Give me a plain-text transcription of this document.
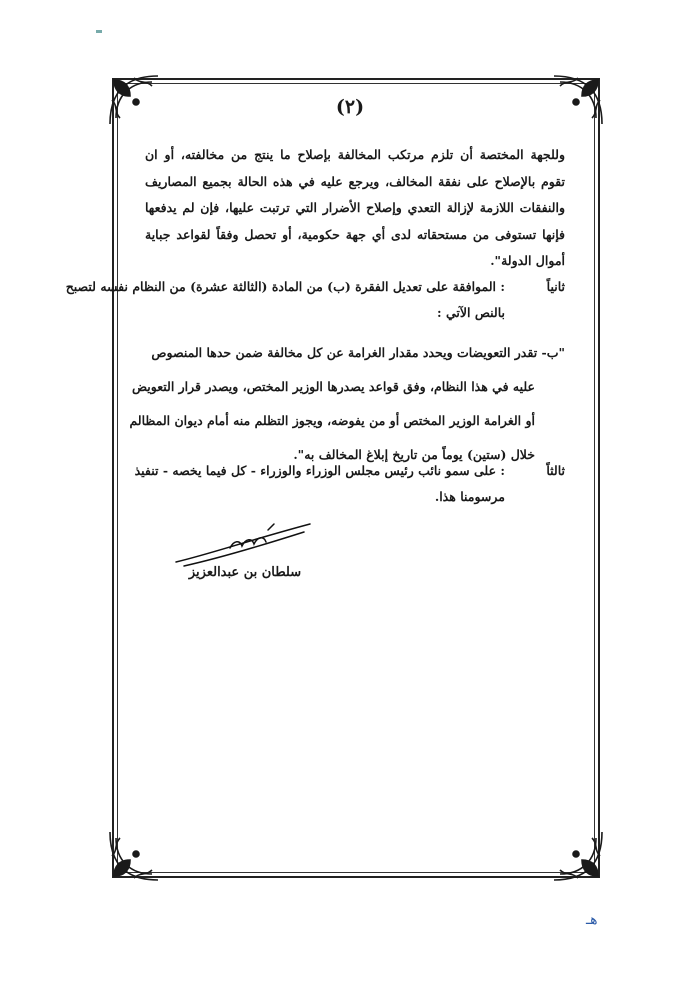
(٢)
وللجهة المختصة أن تلزم مرتكب المخالفة بإصلاح ما ينتج من مخالفته، أو ان
تقوم بالإصلاح على نفقة المخالف، ويرجع عليه في هذه الحالة بجميع المصاريف
والنفقات اللازمة لإزالة التعدي وإصلاح الأضرار التي ترتبت عليها، فإن لم يدفعها
فإنها تستوفى من مستحقاته لدى أي جهة حكومية، أو تحصل وفقاً لقواعد جباية
أموال الدولة".
ثانياً
: الموافقة على تعديل الفقرة (ب) من المادة (الثالثة عشرة) من النظام نفسه لتصبح
بالنص الآتي :
"ب- تقدر التعويضات ويحدد مقدار الغرامة عن كل مخالفة ضمن حدها المنصوص
عليه في هذا النظام، وفق قواعد يصدرها الوزير المختص، ويصدر قرار التعويض
أو الغرامة الوزير المختص أو من يفوضه، ويجوز التظلم منه أمام ديوان المظالم
خلال (ستين) يوماً من تاريخ إبلاغ المخالف به".
ثالثاً
: على سمو نائب رئيس مجلس الوزراء والوزراء - كل فيما يخصه - تنفيذ
مرسومنا هذا.
سلطان بن عبدالعزيز
هـ
